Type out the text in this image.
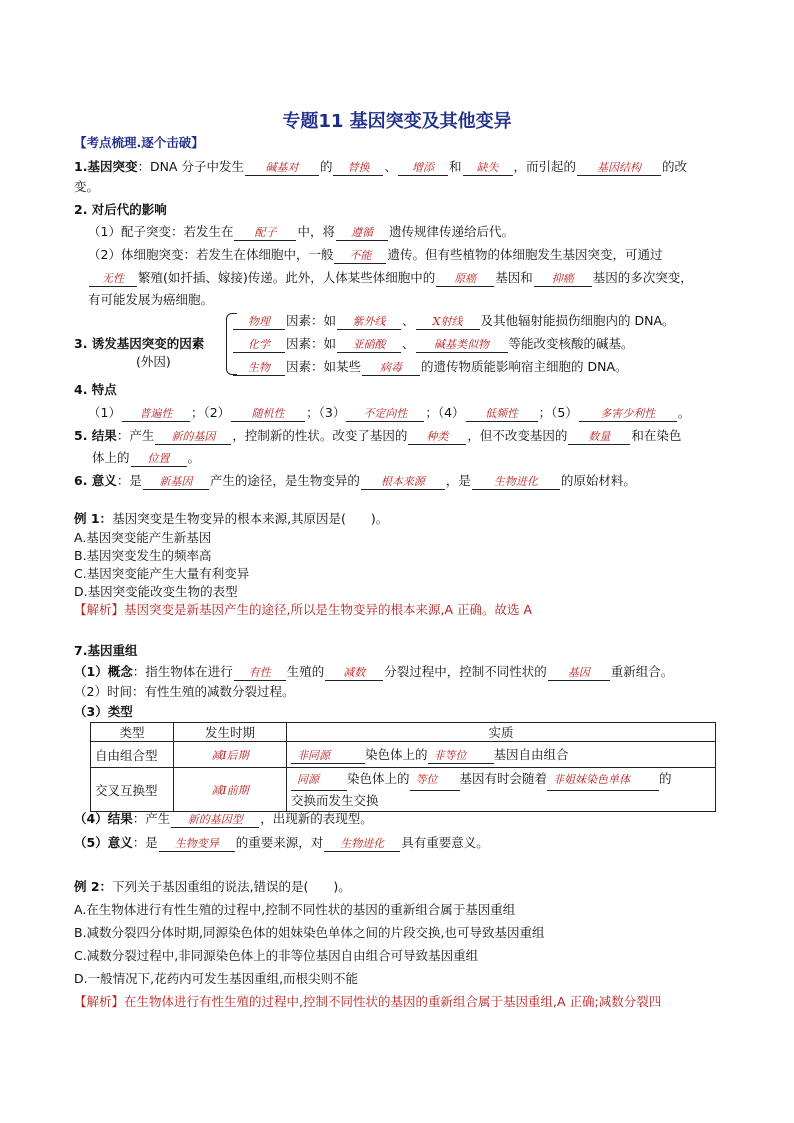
专题11 基因突变及其他变异
【考点梳理.逐个击破】
1.基因突变：DNA 分子中发生 碱基对 的 替换 、 增添 和 缺失 ，而引起的 基因结构 的改
变。
2. 对后代的影响
（1）配子突变：若发生在 配子 中，将 遵循 遗传规律传递给后代。
（2）体细胞突变：若发生在体细胞中，一般 不能 遗传。但有些植物的体细胞发生基因突变，可通过
无性 繁殖(如扦插、嫁接)传递。此外，人体某些体细胞中的 原癌 基因和 抑癌 基因的多次突变，
有可能发展为癌细胞。
3. 诱发基因突变的因素
(外因)
物理 因素：如 紫外线 、 X射线 及其他辐射能损伤细胞内的 DNA。
化学 因素：如 亚硝酸 、 碱基类似物 等能改变核酸的碱基。
生物 因素：如某些 病毒 的遗传物质能影响宿主细胞的 DNA。
4. 特点
（1） 普遍性 ；（2） 随机性 ；（3） 不定向性 ；（4） 低频性 ；（5） 多害少利性 。
5. 结果：产生 新的基因 ，控制新的性状。改变了基因的 种类 ，但不改变基因的 数量 和在染色
体上的 位置 。
6. 意义：是 新基因 产生的途径，是生物变异的 根本来源 ，是 生物进化 的原始材料。
例 1：基因突变是生物变异的根本来源,其原因是(　　)。
A.基因突变能产生新基因
B.基因突变发生的频率高
C.基因突变能产生大量有利变异
D.基因突变能改变生物的表型
【解析】基因突变是新基因产生的途径,所以是生物变异的根本来源,A 正确。故选 A
7.基因重组
（1）概念：指生物体在进行 有性 生殖的 减数 分裂过程中，控制不同性状的 基因 重新组合。
（2）时间：有性生殖的减数分裂过程。
（3）类型
类型	发生时期	实质
自由组合型	减Ⅰ后期	非同源 染色体上的 非等位 基因自由组合
交叉互换型	减Ⅰ前期	同源 染色体上的 等位 基因有时会随着 非姐妹染色单体 的
交换而发生交换
（4）结果：产生 新的基因型 ，出现新的表现型。
（5）意义：是 生物变异 的重要来源，对 生物进化 具有重要意义。
例 2：下列关于基因重组的说法,错误的是(　　)。
A.在生物体进行有性生殖的过程中,控制不同性状的基因的重新组合属于基因重组
B.减数分裂四分体时期,同源染色体的姐妹染色单体之间的片段交换,也可导致基因重组
C.减数分裂过程中,非同源染色体上的非等位基因自由组合可导致基因重组
D.一般情况下,花药内可发生基因重组,而根尖则不能
【解析】在生物体进行有性生殖的过程中,控制不同性状的基因的重新组合属于基因重组,A 正确;减数分裂四
